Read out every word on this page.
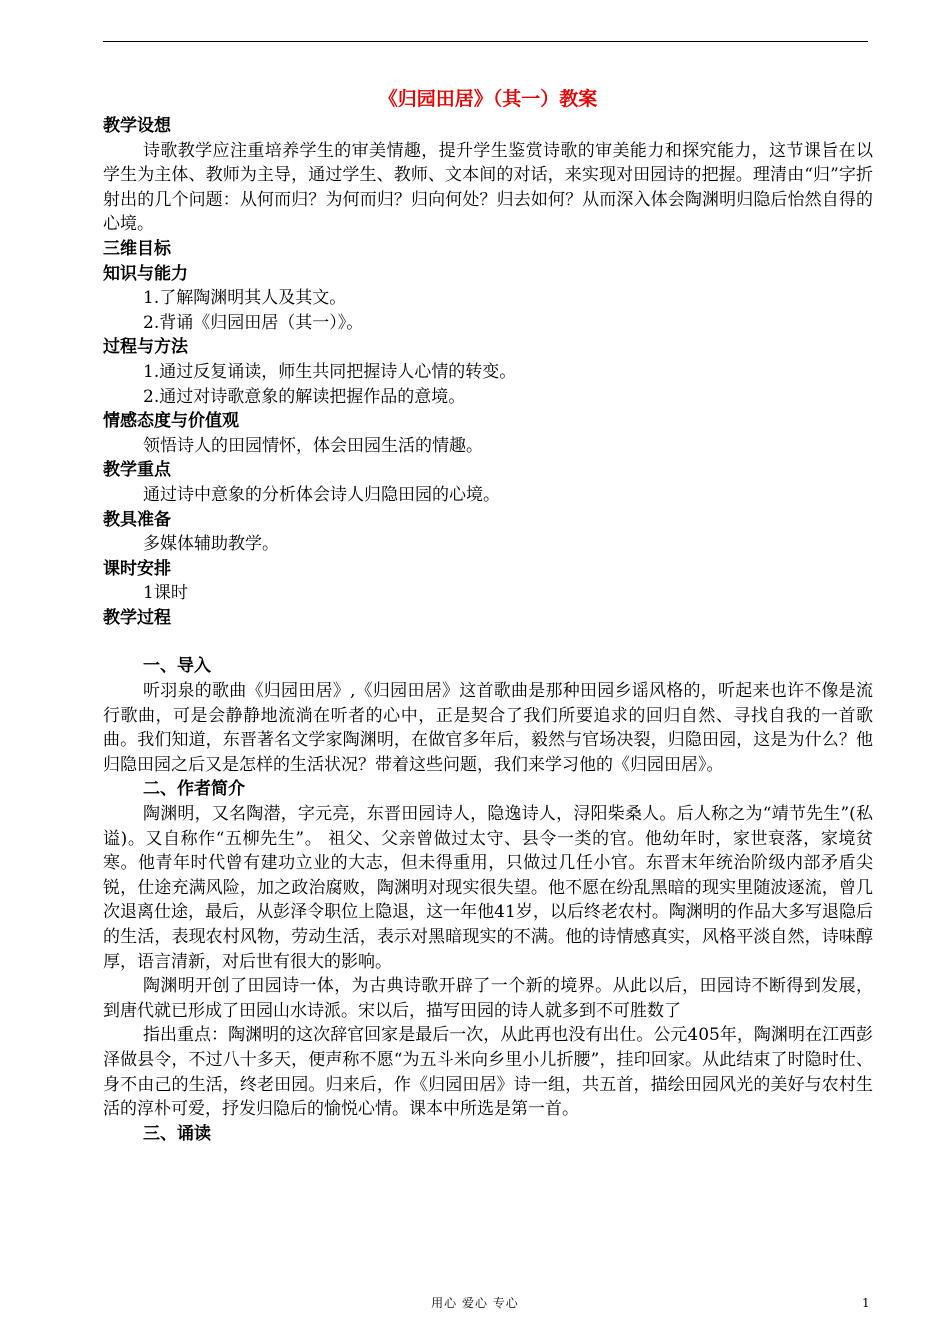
《归园田居》（其一）教案
教学设想

诗歌教学应注重培养学生的审美情趣，提升学生鉴赏诗歌的审美能力和探究能力，这节课旨在以学生为主体、教师为主导，通过学生、教师、文本间的对话，来实现对田园诗的把握。理清由“归”字折射出的几个问题：从何而归？为何而归？归向何处？归去如何？从而深入体会陶渊明归隐后怡然自得的心境。

三维目标
知识与能力

1.了解陶渊明其人及其文。

2.背诵《归园田居（其一）》。

过程与方法

1.通过反复诵读，师生共同把握诗人心情的转变。

2.通过对诗歌意象的解读把握作品的意境。

情感态度与价值观

领悟诗人的田园情怀，体会田园生活的情趣。

教学重点

通过诗中意象的分析体会诗人归隐田园的心境。

教具准备

多媒体辅助教学。

课时安排

1课时

教学过程
一、导入

听羽泉的歌曲《归园田居》,《归园田居》这首歌曲是那种田园乡谣风格的，听起来也许不像是流行歌曲，可是会静静地流淌在听者的心中，正是契合了我们所要追求的回归自然、寻找自我的一首歌曲。我们知道，东晋著名文学家陶渊明，在做官多年后，毅然与官场决裂，归隐田园，这是为什么？他归隐田园之后又是怎样的生活状况？带着这些问题，我们来学习他的《归园田居》。

二、作者简介

陶渊明，又名陶潜，字元亮，东晋田园诗人，隐逸诗人，浔阳柴桑人。后人称之为“靖节先生”(私谥)。又自称作“五柳先生”。 祖父、父亲曾做过太守、县令一类的官。他幼年时，家世衰落，家境贫寒。他青年时代曾有建功立业的大志，但未得重用，只做过几任小官。东晋末年统治阶级内部矛盾尖锐，仕途充满风险，加之政治腐败，陶渊明对现实很失望。他不愿在纷乱黑暗的现实里随波逐流，曾几次退离仕途，最后，从彭泽令职位上隐退，这一年他41岁，以后终老农村。陶渊明的作品大多写退隐后的生活，表现农村风物，劳动生活，表示对黑暗现实的不满。他的诗情感真实，风格平淡自然，诗味醇厚，语言清新，对后世有很大的影响。

陶渊明开创了田园诗一体，为古典诗歌开辟了一个新的境界。从此以后，田园诗不断得到发展，到唐代就已形成了田园山水诗派。宋以后，描写田园的诗人就多到不可胜数了

指出重点：陶渊明的这次辞官回家是最后一次，从此再也没有出仕。公元405年，陶渊明在江西彭泽做县令，不过八十多天，便声称不愿“为五斗米向乡里小儿折腰”，挂印回家。从此结束了时隐时仕、身不由己的生活，终老田园。归来后，作《归园田居》诗一组，共五首，描绘田园风光的美好与农村生活的淳朴可爱，抒发归隐后的愉悦心情。课本中所选是第一首。

三、诵读
用心 爱心 专心	1
